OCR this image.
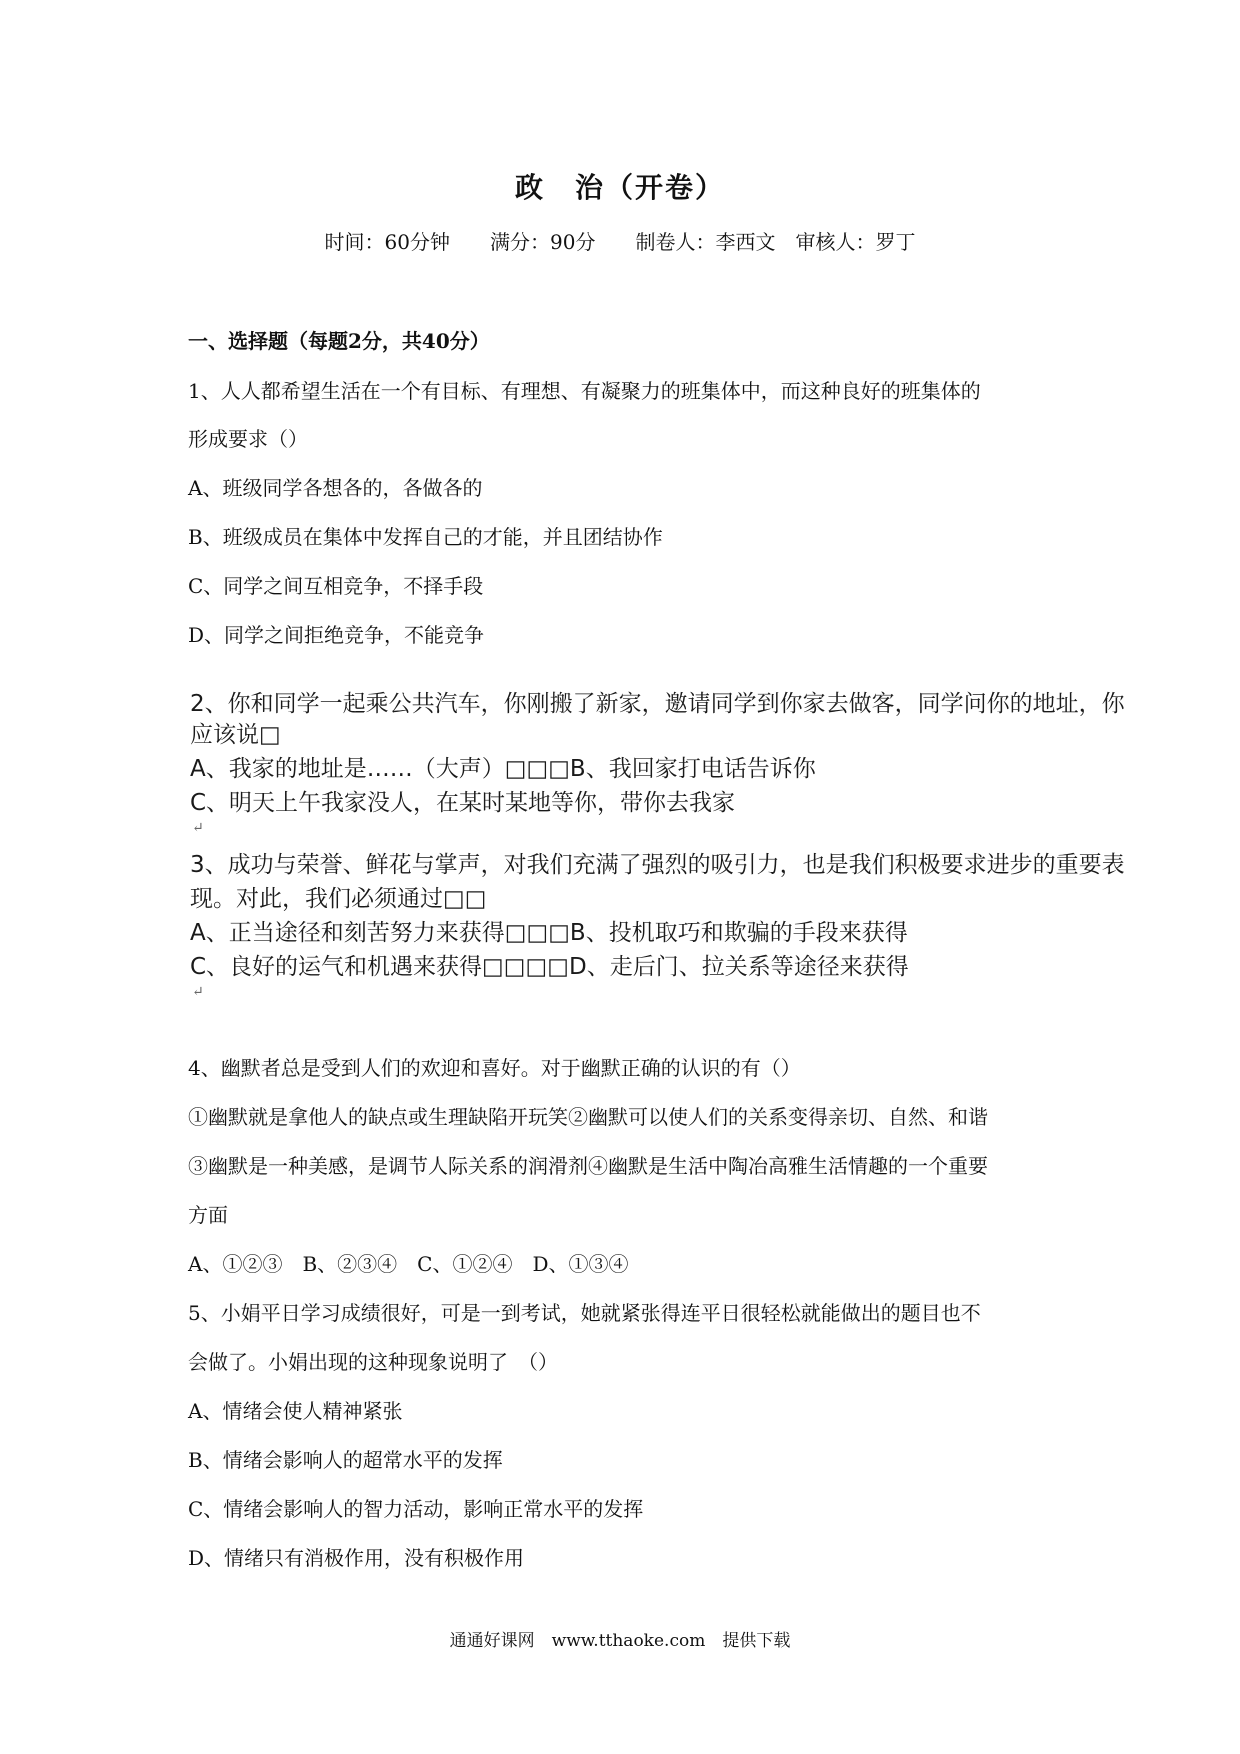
政　治（开卷）
时间：60分钟　　满分：90分　　制卷人：李西文　审核人：罗丁
一、选择题（每题2分，共40分）
1、人人都希望生活在一个有目标、有理想、有凝聚力的班集体中，而这种良好的班集体的
形成要求（）
A、班级同学各想各的，各做各的
B、班级成员在集体中发挥自己的才能，并且团结协作
C、同学之间互相竞争，不择手段
D、同学之间拒绝竞争，不能竞争
2、你和同学一起乘公共汽车，你刚搬了新家，邀请同学到你家去做客，同学问你的地址，你
应该说□
A、我家的地址是……（大声）□□□B、我回家打电话告诉你
C、明天上午我家没人，在某时某地等你，带你去我家
↵
3、成功与荣誉、鲜花与掌声，对我们充满了强烈的吸引力，也是我们积极要求进步的重要表
现。对此，我们必须通过□□
A、正当途径和刻苦努力来获得□□□B、投机取巧和欺骗的手段来获得
C、良好的运气和机遇来获得□□□□D、走后门、拉关系等途径来获得
↵
4、幽默者总是受到人们的欢迎和喜好。对于幽默正确的认识的有（）
①幽默就是拿他人的缺点或生理缺陷开玩笑②幽默可以使人们的关系变得亲切、自然、和谐
③幽默是一种美感，是调节人际关系的润滑剂④幽默是生活中陶冶高雅生活情趣的一个重要
方面
A、①②③　B、②③④　C、①②④　D、①③④
5、小娟平日学习成绩很好，可是一到考试，她就紧张得连平日很轻松就能做出的题目也不
会做了。小娟出现的这种现象说明了　（）
A、情绪会使人精神紧张
B、情绪会影响人的超常水平的发挥
C、情绪会影响人的智力活动，影响正常水平的发挥
D、情绪只有消极作用，没有积极作用
通通好课网　www.tthaoke.com　提供下载
